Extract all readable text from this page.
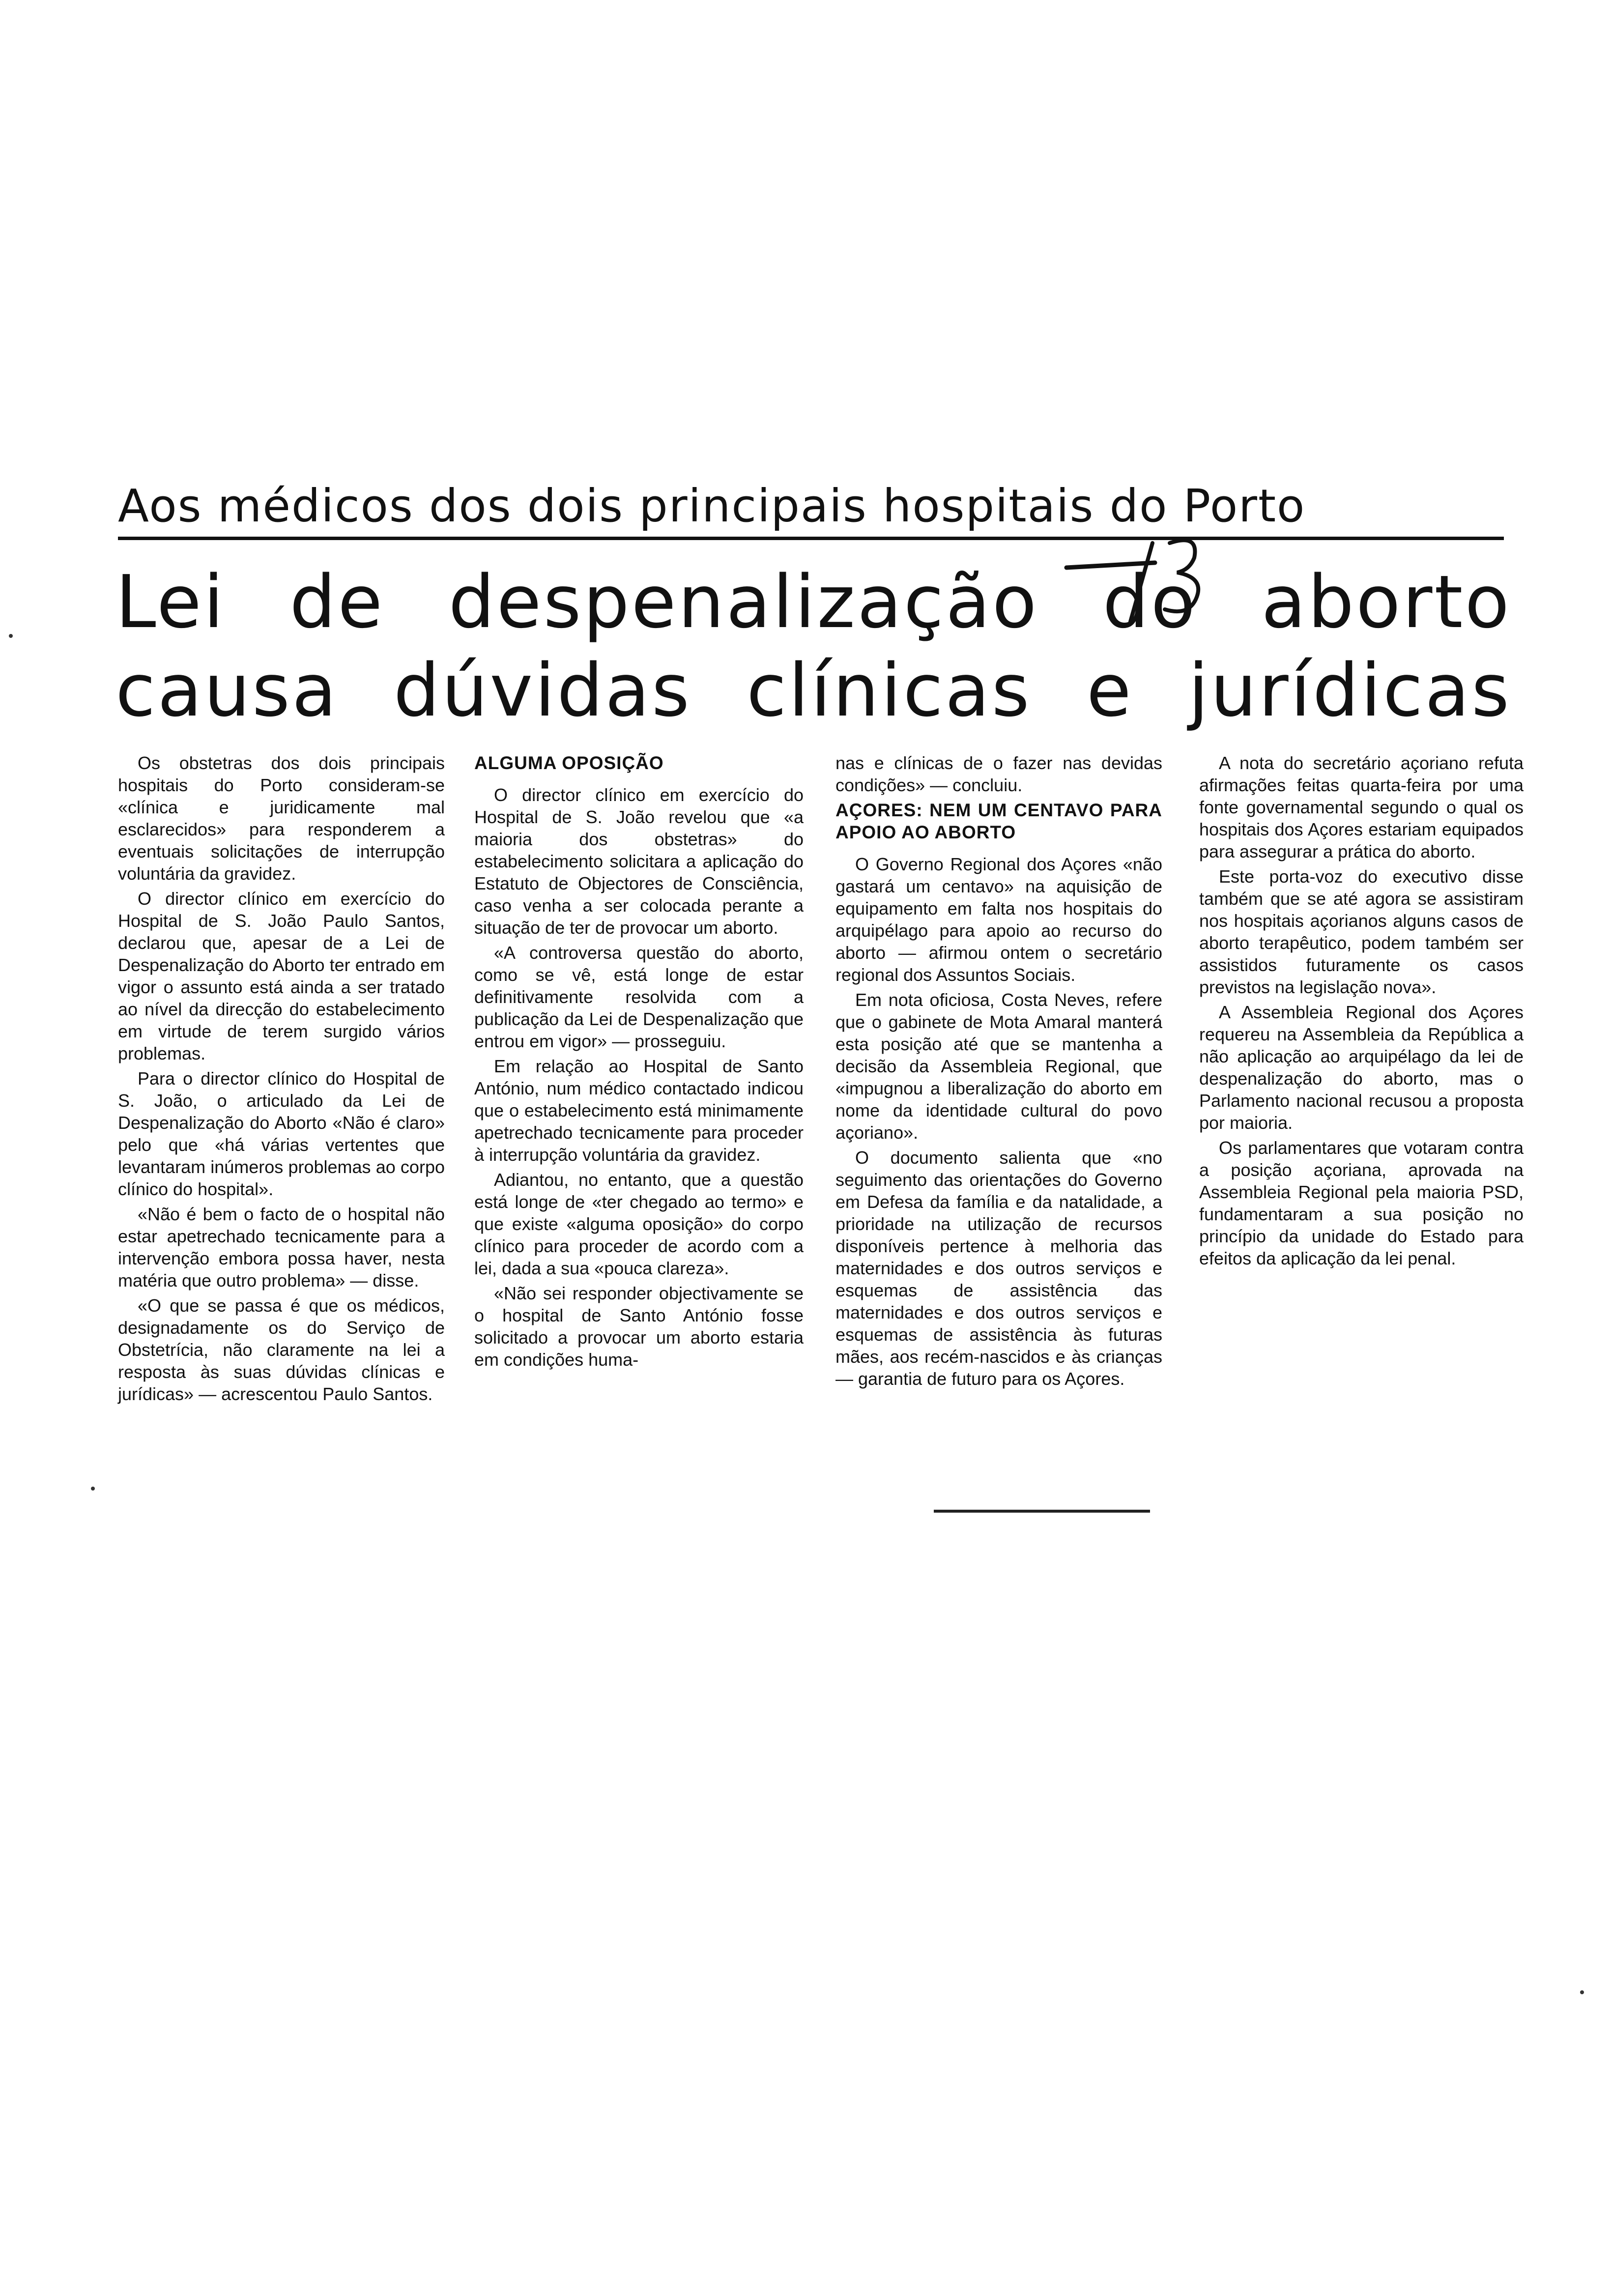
Aos médicos dos dois principais hospitais do Porto
Lei de despenalização do aborto
causa dúvidas clínicas e jurídicas

Os obstetras dos dois principais hospitais do Porto consideram-se «clínica e juridicamente mal esclarecidos» para responderem a eventuais solicitações de interrupção voluntária da gravidez.

O director clínico em exercício do Hospital de S. João Paulo Santos, declarou que, apesar de a Lei de Despenalização do Aborto ter entrado em vigor o assunto está ainda a ser tratado ao nível da direcção do estabelecimento em virtude de terem surgido vários problemas.

Para o director clínico do Hospital de S. João, o articulado da Lei de Despenalização do Aborto «Não é claro» pelo que «há várias vertentes que levantaram inúmeros problemas ao corpo clínico do hospital».

«Não é bem o facto de o hospital não estar apetrechado tecnicamente para a intervenção embora possa haver, nesta matéria que outro problema» — disse.

«O que se passa é que os médicos, designadamente os do Serviço de Obstetrícia, não claramente na lei a resposta às suas dúvidas clínicas e jurídicas» — acrescentou Paulo Santos.

ALGUMA OPOSIÇÃO

O director clínico em exercício do Hospital de S. João revelou que «a maioria dos obstetras» do estabelecimento solicitara a aplicação do Estatuto de Objectores de Consciência, caso venha a ser colocada perante a situação de ter de provocar um aborto.

«A controversa questão do aborto, como se vê, está longe de estar definitivamente resolvida com a publicação da Lei de Despenalização que entrou em vigor» — prosseguiu.

Em relação ao Hospital de Santo António, num médico contactado indicou que o estabelecimento está minimamente apetrechado tecnicamente para proceder à interrupção voluntária da gravidez.

Adiantou, no entanto, que a questão está longe de «ter chegado ao termo» e que existe «alguma oposição» do corpo clínico para proceder de acordo com a lei, dada a sua «pouca clareza».

«Não sei responder objectivamente se o hospital de Santo António fosse solicitado a provocar um aborto estaria em condições huma-

nas e clínicas de o fazer nas devidas condições» — concluiu.

AÇORES: NEM UM CENTAVO PARA APOIO AO ABORTO

O Governo Regional dos Açores «não gastará um centavo» na aquisição de equipamento em falta nos hospitais do arquipélago para apoio ao recurso do aborto — afirmou ontem o secretário regional dos Assuntos Sociais.

Em nota oficiosa, Costa Neves, refere que o gabinete de Mota Amaral manterá esta posição até que se mantenha a decisão da Assembleia Regional, que «impugnou a liberalização do aborto em nome da identidade cultural do povo açoriano».

O documento salienta que «no seguimento das orientações do Governo em Defesa da família e da natalidade, a prioridade na utilização de recursos disponíveis pertence à melhoria das maternidades e dos outros serviços e esquemas de assistência das maternidades e dos outros serviços e esquemas de assistência às futuras mães, aos recém-nascidos e às crianças — garantia de futuro para os Açores.

A nota do secretário açoriano refuta afirmações feitas quarta-feira por uma fonte governamental segundo o qual os hospitais dos Açores estariam equipados para assegurar a prática do aborto.

Este porta-voz do executivo disse também que se até agora se assistiram nos hospitais açorianos alguns casos de aborto terapêutico, podem também ser assistidos futuramente os casos previstos na legislação nova».

A Assembleia Regional dos Açores requereu na Assembleia da República a não aplicação ao arquipélago da lei de despenalização do aborto, mas o Parlamento nacional recusou a proposta por maioria.

Os parlamentares que votaram contra a posição açoriana, aprovada na Assembleia Regional pela maioria PSD, fundamentaram a sua posição no princípio da unidade do Estado para efeitos da aplicação da lei penal.
